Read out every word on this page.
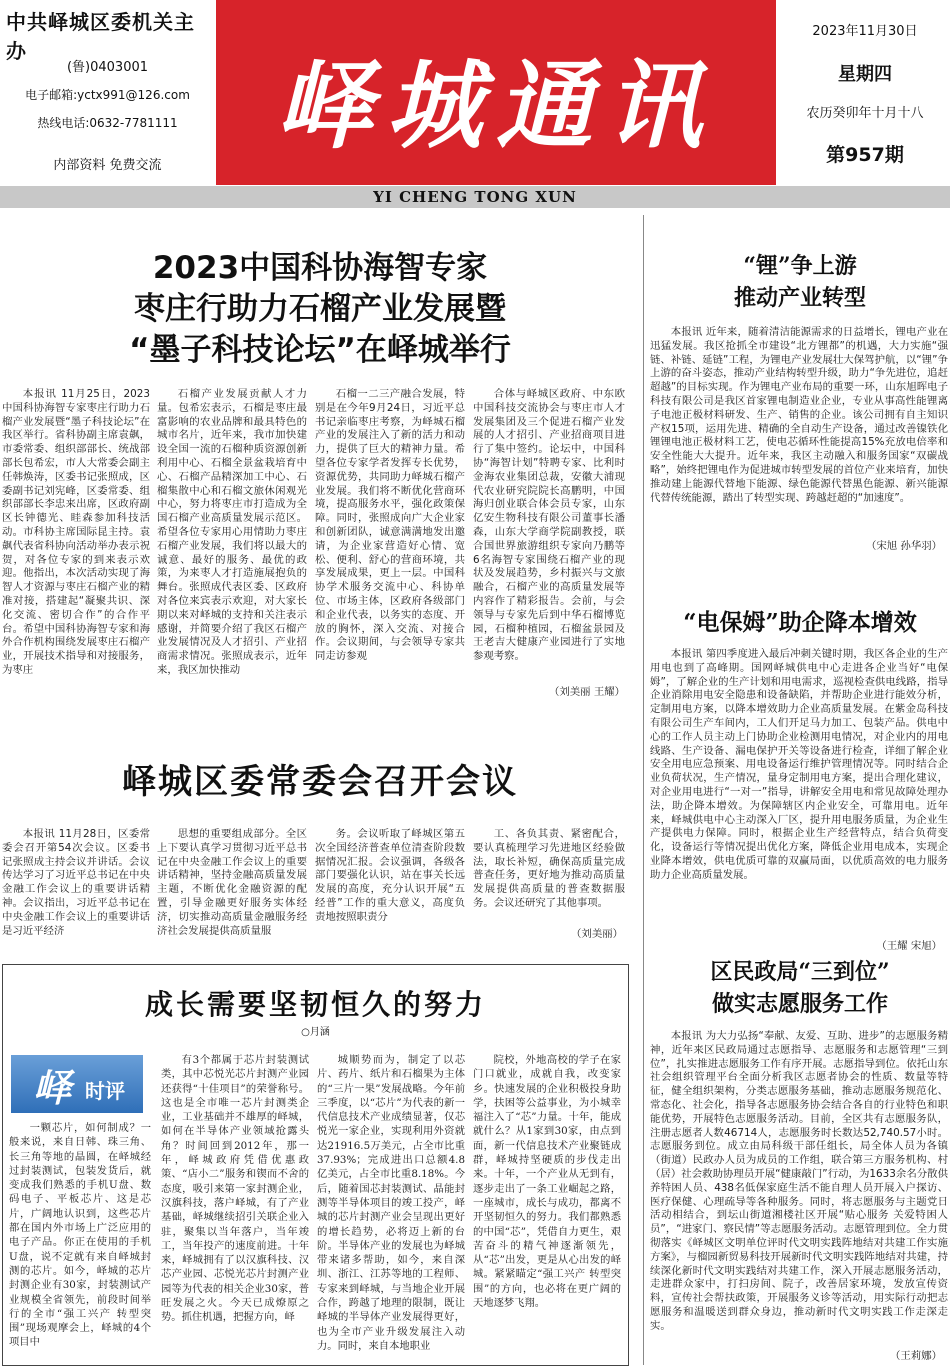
中共峄城区委机关主办
(鲁)0403001
电子邮箱:yctx991@126.com
热线电话:0632-7781111
内部资料 免费交流
峄城通讯
2023年11月30日
星期四
农历癸卯年十月十八
第957期
YI CHENG TONG XUN
2023中国科协海智专家
枣庄行助力石榴产业发展暨
“墨子科技论坛”在峄城举行

本报讯 11月25日，2023中国科协海智专家枣庄行助力石榴产业发展暨“墨子科技论坛”在我区举行。省科协副主席袁飙，市委常委、组织部部长、统战部部长包希宏，市人大常委会副主任韩焕涛，区委书记张照成，区委副书记刘宪峰，区委常委、组织部部长李忠来出席，区政府副区长钟德光、眭森参加科技活动。市科协主席国际昆主持。袁飙代表省科协向活动举办表示祝贺，对各位专家的到来表示欢迎。他指出，本次活动实现了海智人才资源与枣庄石榴产业的精准对接，搭建起“凝聚共识、深化交流、密切合作”的合作平台。希望中国科协海智专家和海外合作机构围绕发展枣庄石榴产业，开展技术指导和对接服务，为枣庄

石榴产业发展贡献人才力量。包希宏表示，石榴是枣庄最富影响的农业品牌和最具特色的城市名片，近年来，我市加快建设全国一流的石榴种质资源创新利用中心、石榴全景盆栽培育中心、石榴产品精深加工中心、石榴集散中心和石榴文旅休闲观光中心，努力将枣庄市打造成为全国石榴产业高质量发展示范区。希望各位专家用心用情助力枣庄石榴产业发展，我们将以最大的诚意、最好的服务、最优的政策，为来枣人才打造施展抱负的舞台。张照成代表区委、区政府对各位来宾表示欢迎，对大家长期以来对峄城的支持和关注表示感谢，并简要介绍了我区石榴产业发展情况及人才招引、产业招商需求情况。张照成表示，近年来，我区加快推动

石榴一二三产融合发展，特别是在今年9月24日，习近平总书记亲临枣庄考察，为峄城石榴产业的发展注入了新的活力和动力，提供了巨大的精神力量。希望各位专家学者发挥专长优势，资源优势，共同助力峄城石榴产业发展。我们将不断优化营商环境，提高服务水平，强化政策保障。同时，张照成向广大企业家和创新团队，诚意满满地发出邀请，为企业家营造好心情、宽松、便利、舒心的营商环境，共享发展成果，更上一层。中国科协学术服务交流中心、科协单位、市场主体，区政府各级部门和企业代表，以务实的态度、开放的胸怀，深入交流、对接合作。会议期间，与会领导专家共同走访参观

合体与峄城区政府、中东欧中国科技交流协会与枣庄市人才发展集团及三个促进石榴产业发展的人才招引、产业招商项目进行了集中签约。论坛中，中国科协“海智计划”特聘专家、比利时金海农业集团总裁，安徽大浦现代农业研究院院长高鹏明，中国海归创业联合体会员专家，山东亿安生物科技有限公司董事长潘森，山东大学商学院副教授，联合国世界旅游组织专家向乃鹏等6名海智专家围绕石榴产业的现状及发展趋势，乡村振兴与文旅融合，石榴产业的高质量发展等内容作了精彩报告。会前，与会领导与专家先后到中华石榴博览园，石榴种植园，石榴盆景园及王老吉大健康产业园进行了实地参观考察。

（刘美丽 王耀）

峄城区委常委会召开会议

本报讯 11月28日，区委常委会召开第54次会议。区委书记张照成主持会议并讲话。会议传达学习了习近平总书记在中央金融工作会议上的重要讲话精神。会议指出，习近平总书记在中央金融工作会议上的重要讲话是习近平经济

思想的重要组成部分。全区上下要认真学习贯彻习近平总书记在中央金融工作会议上的重要讲话精神，坚持金融高质量发展主题，不断优化金融资源的配置，引导金融更好服务实体经济，切实推动高质量金融服务经济社会发展提供高质量服

务。会议听取了峄城区第五次全国经济普查单位清查阶段数据情况汇报。会议强调，各级各部门要强化认识，站在事关长远发展的高度，充分认识开展“五经普”工作的重大意义，高度负责地按照职责分

工、各负其责、紧密配合，要认真梳理学习先进地区经验做法，取长补短，确保高质量完成普查任务，更好地为推动高质量发展提供高质量的普查数据服务。会议还研究了其他事项。

（刘美丽）

成长需要坚韧恒久的努力
○月涵
峄 时评

一颗芯片，如何制成？一般来说，来自日韩、珠三角、长三角等地的晶圆，在峄城经过封装测试，包装发货后，就变成我们熟悉的手机U盘、数码电子、平板芯片、这是芯片，广阔地认识到，这些芯片都在国内外市场上广泛应用的电子产品。你正在使用的手机U盘，说不定就有来自峄城封测的芯片。如今，峄城的芯片封测企业有30家，封装测试产业规模全省领先，前段时间举行的全市“强工兴产 转型突围”现场观摩会上，峄城的4个项目中

有3个都属于芯片封装测试类，其中芯悦光芯片封测产业园还获得“十佳项目”的荣誉称号。这也是全市唯一芯片封测类企业，工业基础并不雄厚的峄城，如何在半导体产业领域抢露头角？时间回到2012年，那一年，峄城政府凭借优惠政策、“店小二”服务和锲而不舍的态度，吸引来第一家封测企业，汉旗科技，落户峄城，有了产业基础，峄城继续招引关联企业入驻，聚集以当年落户，当年竣工，当年投产的速度前进。十年来，峄城拥有了以汉旗科技、汉芯产业园、芯悦光芯片封测产业园等为代表的相关企业30家，普旺发展之火。今天已成燎原之势。抓住机遇，把握方向，峄

城顺势而为，制定了以芯片、药片、纸片和石榴果为主体的“三片一果”发展战略。今年前三季度，以“芯片”为代表的新一代信息技术产业成绩显著，仅芯悦光一家企业，实现利用外资就达21916.5万美元，占全市比重37.93%；完成进出口总额4.8亿美元，占全市比重8.18%。今后，随着国芯封装测试、晶能封测等半导体项目的竣工投产，峄城的芯片封测产业会呈现出更好的增长趋势，必将迈上新的台阶。半导体产业的发展也为峄城带来诸多帮助，如今，来自深圳、浙江、江苏等地的工程师、专家来到峄城，与当地企业开展合作，跨越了地理的限制，既让峄城的半导体产业发展得更好，也为全市产业升级发展注入动力。同时，来自本地职业

院校，外地高校的学子在家门口就业，成就自我，改变家乡。快速发展的企业积极投身助学，扶困等公益事业，为小城幸福注入了“芯”力量。十年，能成就什么？从1家到30家，由点到面，新一代信息技术产业聚链成群，峄城持坚硬质的步伐走出来。十年，一个产业从无到有，逐步走出了一条工业崛起之路，一座城市，成长与成功，都离不开坚韧恒久的努力。我们都熟悉的中国“芯”，凭借自力更生，艰苦奋斗的精气神逐渐领先，从“芯”出发，更是从心出发的峄城。紧紧瞄定“强工兴产 转型突围”的方向，也必将在更广阔的天地逐梦飞翔。

“锂”争上游
推动产业转型

本报讯 近年来，随着清洁能源需求的日益增长，锂电产业在迅猛发展。我区抢抓全市建设“北方锂都”的机遇，大力实施“强链、补链、延链”工程，为锂电产业发展壮大保驾护航，以“锂”争上游的奋斗姿态，推动产业结构转型升级，助力“争先进位，追赶超越”的目标实现。作为锂电产业布局的重要一环，山东旭晖电子科技有限公司是我区首家锂电制造业企业，专业从事高性能锂离子电池正极材料研发、生产、销售的企业。该公司拥有自主知识产权15项，运用先进、精确的全自动生产设备，通过改善镍铁化锂锂电池正极材料工艺，使电芯循环性能提高15%充放电倍率和安全性能大大提升。近年来，我区主动融入和服务国家“双碳战略”，始终把锂电作为促进城市转型发展的首位产业来培育，加快推动建上能源代替地下能源、绿色能源代替黑色能源、新兴能源代替传统能源，踏出了转型实现、跨越赶超的“加速度”。

（宋旭 孙华羽）

“电保姆”助企降本增效

本报讯 第四季度进入最后冲刺关键时期，我区各企业的生产用电也到了高峰期。国网峄城供电中心走进各企业当好“电保姆”，了解企业的生产计划和用电需求，巡视检查供电线路，指导企业消除用电安全隐患和设备缺陷，并帮助企业进行能效分析，定制用电方案，以降本增效助力企业高质量发展。在紫金岛科技有限公司生产车间内，工人们开足马力加工、包装产品。供电中心的工作人员主动上门协助企业检测用电情况，对企业内的用电线路、生产设备、漏电保护开关等设备进行检查，详细了解企业安全用电应急预案、用电设备运行维护管理情况等。同时结合企业负荷状况，生产情况，量身定制用电方案，提出合理化建议，对企业用电进行“一对一”指导，讲解安全用电和常见故障处理办法，助企降本增效。为保障辖区内企业安全，可靠用电。近年来，峄城供电中心主动深入厂区，提升用电服务质量，为企业生产提供电力保障。同时，根据企业生产经营特点，结合负荷变化，设备运行等情况提出优化方案，降低企业用电成本，实现企业降本增效，供电优质可靠的双赢局面，以优质高效的电力服务助力企业高质量发展。

（王耀 宋旭）

区民政局“三到位”
做实志愿服务工作

本报讯 为大力弘扬“奉献、友爱、互助、进步”的志愿服务精神，近年来区民政局通过志愿指导、志愿服务和志愿管理“三到位”，扎实推进志愿服务工作有序开展。志愿指导到位。依托山东社会组织管理平台全面分析我区志愿者协会的性质、数量等特征，健全组织架构，分类志愿服务基础，推动志愿服务规范化、常态化、社会化，指导各志愿服务协会结合各自的行业特色和职能优势，开展特色志愿服务活动。目前，全区共有志愿服务队，注册志愿者人数46714人，志愿服务时长数达52,740.57小时。志愿服务到位。成立由局科级干部任组长，局全体人员为各镇（街道）民政办人员为成员的工作组，联合第三方服务机构、村（居）社会救助协理员开展“健康敲门”行动，为1633余名分散供养特困人员、438名低保家庭生活不能自理人员开展入户探访、医疗保健、心理疏导等各种服务。同时，将志愿服务与主题党日活动相结合，到坛山街道湘楼社区开展“贴心服务 关爱特困人员”，“进家门、察民情”等志愿服务活动。志愿管理到位。全力贯彻落实《峄城区文明单位评时代文明实践阵地结对共建工作实施方案》，与榴园新贸易科技开展新时代文明实践阵地结对共建，持续深化新时代文明实践结对共建工作，深入开展志愿服务活动，走进群众家中，打扫房间、院子，改善居家环境，发放宣传资料，宣传社会帮扶政策，开展服务义诊等活动，用实际行动把志愿服务和温暖送到群众身边，推动新时代文明实践工作走深走实。

（王莉娜）
